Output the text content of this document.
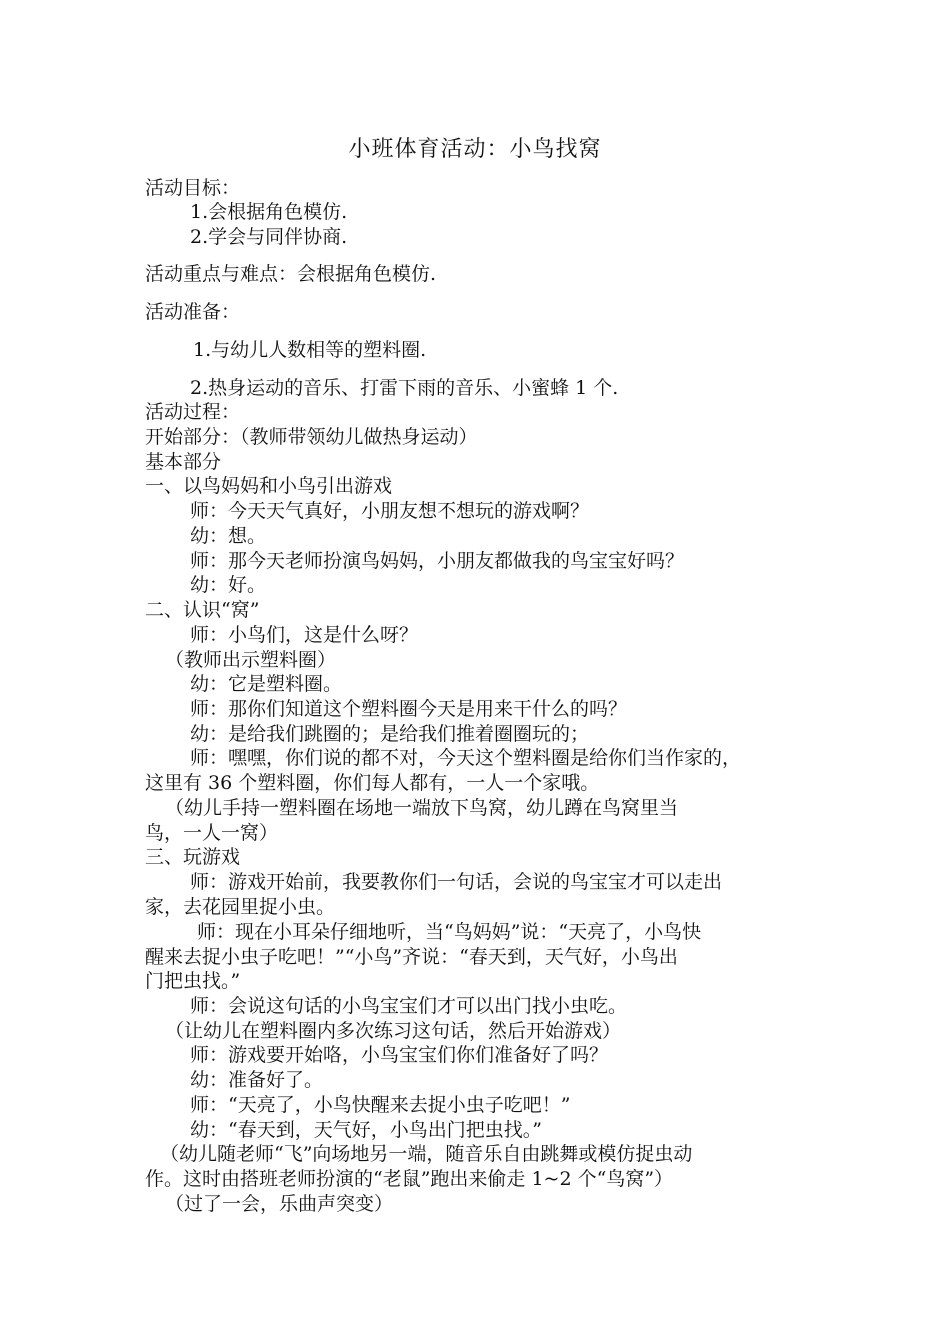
小班体育活动：小鸟找窝
活动目标：
1.会根据角色模仿.
2.学会与同伴协商.
活动重点与难点：会根据角色模仿.
活动准备：
1.与幼儿人数相等的塑料圈.
2.热身运动的音乐、打雷下雨的音乐、小蜜蜂 1 个.
活动过程：
开始部分：（教师带领幼儿做热身运动）
基本部分
一、以鸟妈妈和小鸟引出游戏
师：今天天气真好，小朋友想不想玩的游戏啊？
幼：想。
师：那今天老师扮演鸟妈妈，小朋友都做我的鸟宝宝好吗？
幼：好。
二、认识“窝”
师：小鸟们，这是什么呀？
（教师出示塑料圈）
幼：它是塑料圈。
师：那你们知道这个塑料圈今天是用来干什么的吗？
幼：是给我们跳圈的；是给我们推着圈圈玩的；
师：嘿嘿，你们说的都不对，今天这个塑料圈是给你们当作家的，
这里有 36 个塑料圈，你们每人都有，一人一个家哦。
（幼儿手持一塑料圈在场地一端放下鸟窝，幼儿蹲在鸟窝里当
鸟，一人一窝）
三、玩游戏
师：游戏开始前，我要教你们一句话，会说的鸟宝宝才可以走出
家，去花园里捉小虫。
师：现在小耳朵仔细地听，当“鸟妈妈”说：“天亮了，小鸟快
醒来去捉小虫子吃吧！”“小鸟”齐说：“春天到，天气好，小鸟出
门把虫找。”
师：会说这句话的小鸟宝宝们才可以出门找小虫吃。
（让幼儿在塑料圈内多次练习这句话，然后开始游戏）
师：游戏要开始咯，小鸟宝宝们你们准备好了吗？
幼：准备好了。
师：“天亮了，小鸟快醒来去捉小虫子吃吧！”
幼：“春天到，天气好，小鸟出门把虫找。”
（幼儿随老师“飞”向场地另一端，随音乐自由跳舞或模仿捉虫动
作。这时由搭班老师扮演的“老鼠”跑出来偷走 1~2 个“鸟窝”）
（过了一会，乐曲声突变）
